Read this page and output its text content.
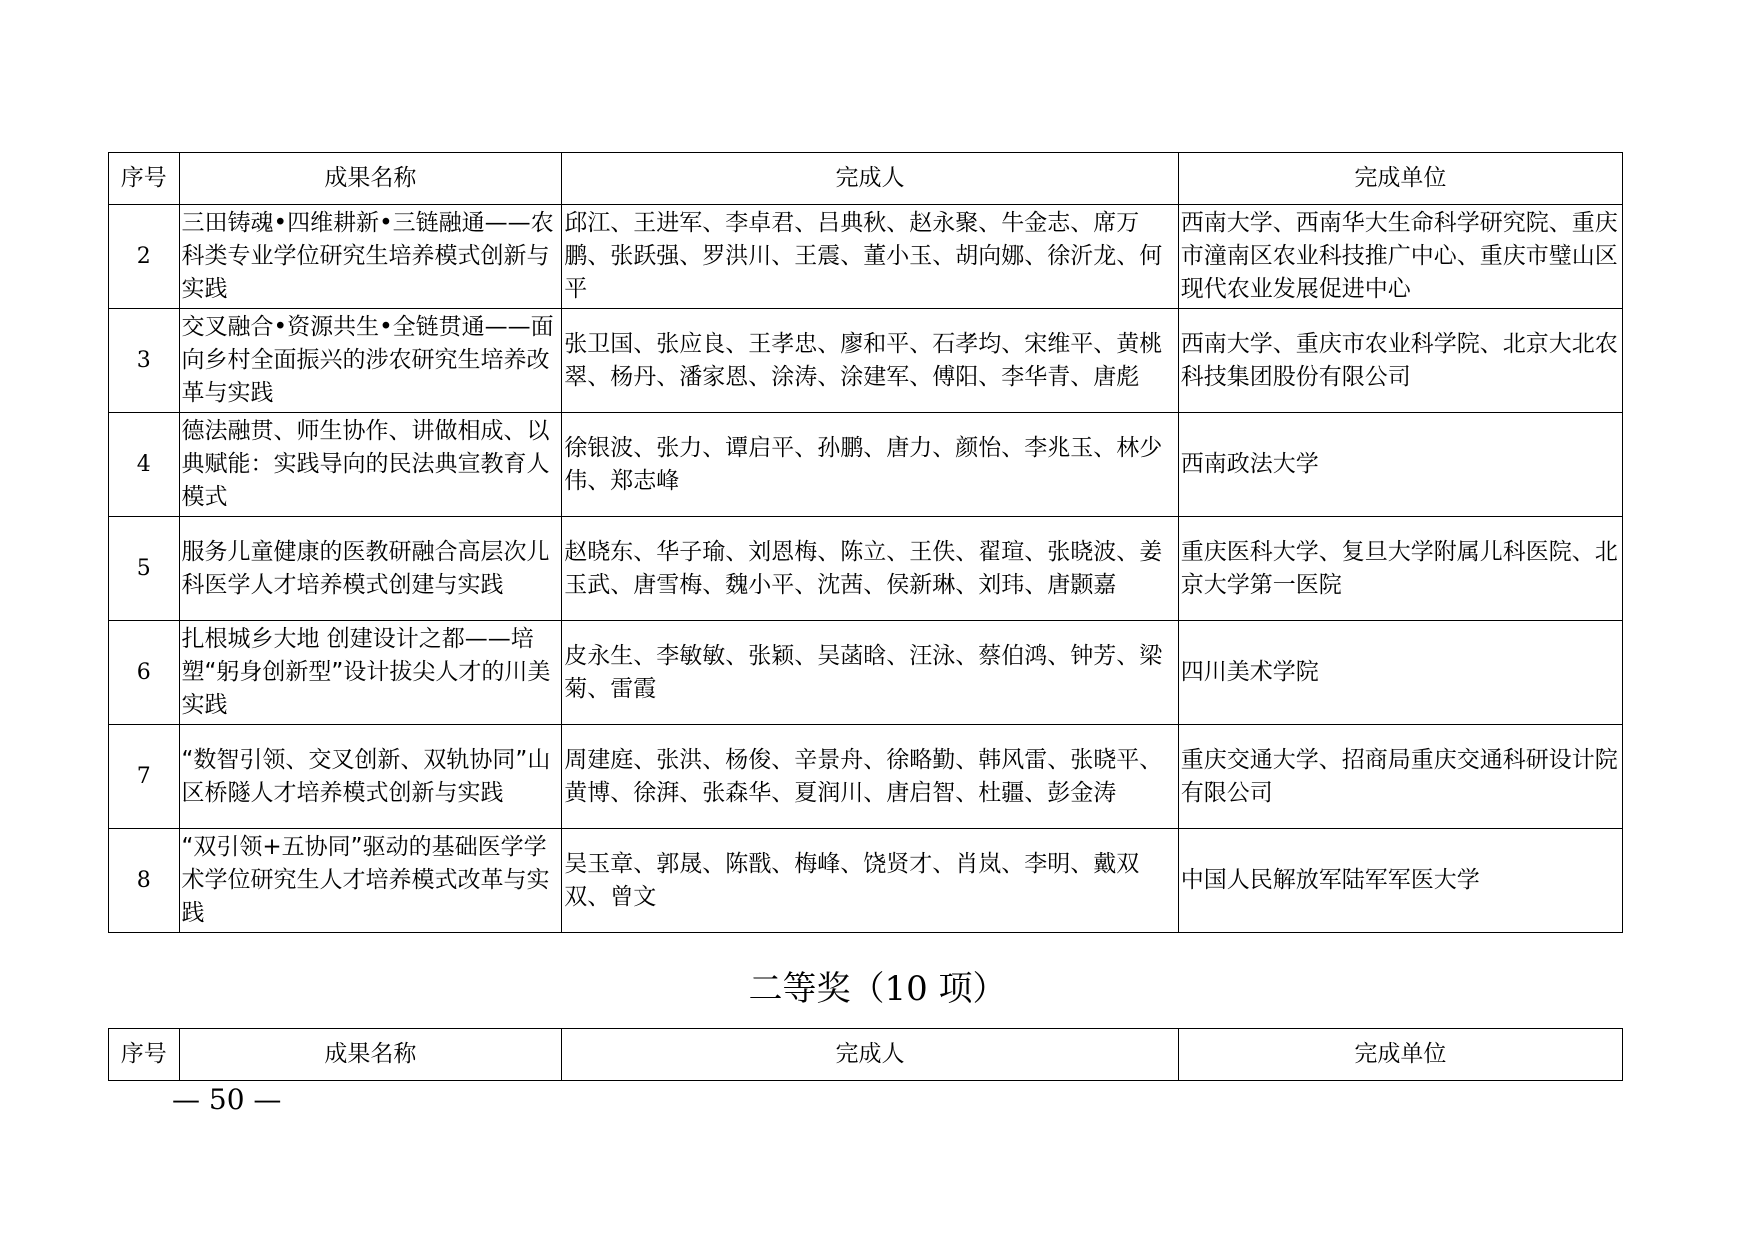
序号	成果名称	完成人	完成单位
2	三田铸魂•四维耕新•三链融通——农科类专业学位研究生培养模式创新与实践	邱江、王进军、李卓君、吕典秋、赵永聚、牛金志、席万鹏、张跃强、罗洪川、王震、董小玉、胡向娜、徐沂龙、何平	西南大学、西南华大生命科学研究院、重庆市潼南区农业科技推广中心、重庆市璧山区现代农业发展促进中心
3	交叉融合•资源共生•全链贯通——面向乡村全面振兴的涉农研究生培养改革与实践	张卫国、张应良、王孝忠、廖和平、石孝均、宋维平、黄桃翠、杨丹、潘家恩、涂涛、涂建军、傅阳、李华青、唐彪	西南大学、重庆市农业科学院、北京大北农科技集团股份有限公司
4	德法融贯、师生协作、讲做相成、以典赋能：实践导向的民法典宣教育人模式	徐银波、张力、谭启平、孙鹏、唐力、颜怡、李兆玉、林少伟、郑志峰	西南政法大学
5	服务儿童健康的医教研融合高层次儿科医学人才培养模式创建与实践	赵晓东、华子瑜、刘恩梅、陈立、王佚、翟瑄、张晓波、姜玉武、唐雪梅、魏小平、沈茜、侯新琳、刘玮、唐颢嘉	重庆医科大学、复旦大学附属儿科医院、北京大学第一医院
6	扎根城乡大地 创建设计之都——培塑“躬身创新型”设计拔尖人才的川美实践	皮永生、李敏敏、张颖、吴菡晗、汪泳、蔡伯鸿、钟芳、梁菊、雷霞	四川美术学院
7	“数智引领、交叉创新、双轨协同”山区桥隧人才培养模式创新与实践	周建庭、张洪、杨俊、辛景舟、徐略勤、韩风雷、张晓平、黄博、徐湃、张森华、夏润川、唐启智、杜疆、彭金涛	重庆交通大学、招商局重庆交通科研设计院有限公司
8	“双引领+五协同”驱动的基础医学学术学位研究生人才培养模式改革与实践	吴玉章、郭晟、陈戬、梅峰、饶贤才、肖岚、李明、戴双双、曾文	中国人民解放军陆军军医大学
二等奖（10 项）
序号	成果名称	完成人	完成单位
— 50 —
